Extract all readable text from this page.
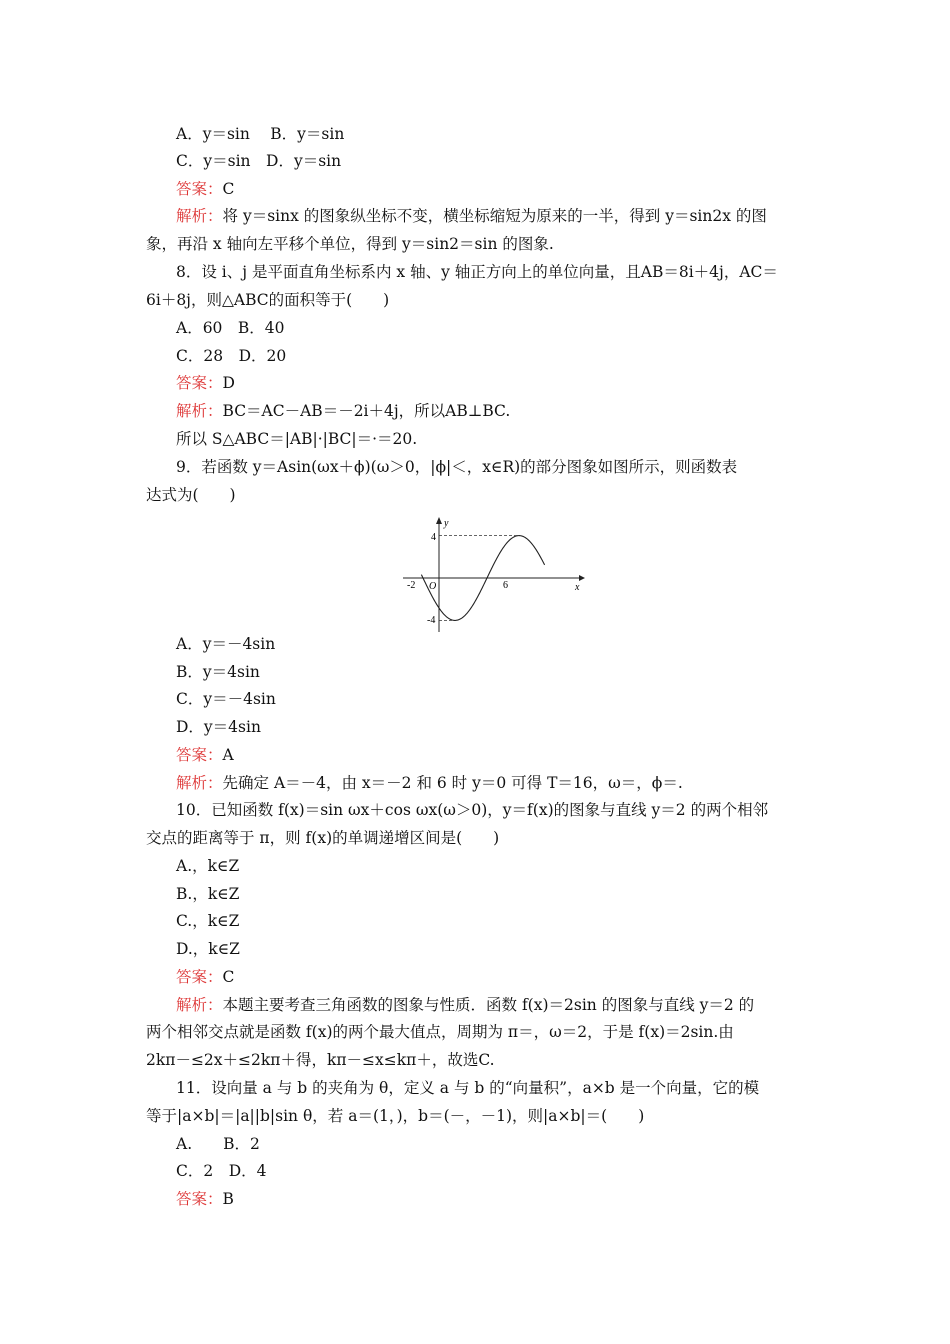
A．y＝sin　 B．y＝sin
C．y＝sin　D．y＝sin
答案：C
解析：将 y＝sinx 的图象纵坐标不变，横坐标缩短为原来的一半，得到 y＝sin2x 的图
象，再沿 x 轴向左平移个单位，得到 y＝sin2＝sin 的图象.
8．设 i、j 是平面直角坐标系内 x 轴、y 轴正方向上的单位向量，且AB＝8i＋4j，AC＝
6i＋8j，则△ABC的面积等于(　　)
A．60　B．40
C．28　D．20
答案：D
解析：BC＝AC－AB＝－2i＋4j，所以AB⊥BC.
所以 S△ABC＝|AB|·|BC|＝·＝20.
9．若函数 y＝Asin(ωx＋ϕ)(ω＞0，|ϕ|＜，x∈R)的部分图象如图所示，则函数表
达式为(　　)
y
x
O
-2	6
4
-4
A．y＝－4sin
B．y＝4sin
C．y＝－4sin
D．y＝4sin
答案：A
解析：先确定 A＝－4，由 x＝－2 和 6 时 y＝0 可得 T＝16，ω＝，ϕ＝.
10．已知函数 f(x)＝sin ωx＋cos ωx(ω＞0)，y＝f(x)的图象与直线 y＝2 的两个相邻
交点的距离等于 π，则 f(x)的单调递增区间是(　　)
A.，k∈Z
B.，k∈Z
C.，k∈Z
D.，k∈Z
答案：C
解析：本题主要考查三角函数的图象与性质．函数 f(x)＝2sin 的图象与直线 y＝2 的
两个相邻交点就是函数 f(x)的两个最大值点，周期为 π＝，ω＝2，于是 f(x)＝2sin.由
2kπ－≤2x＋≤2kπ＋得，kπ－≤x≤kπ＋，故选C.
11．设向量 a 与 b 的夹角为 θ，定义 a 与 b 的“向量积”，a×b 是一个向量，它的模
等于|a×b|＝|a||b|sin θ，若 a＝(1，)，b＝(－，－1)，则|a×b|＝(　　)
A.　　B．2
C．2　D．4
答案：B
